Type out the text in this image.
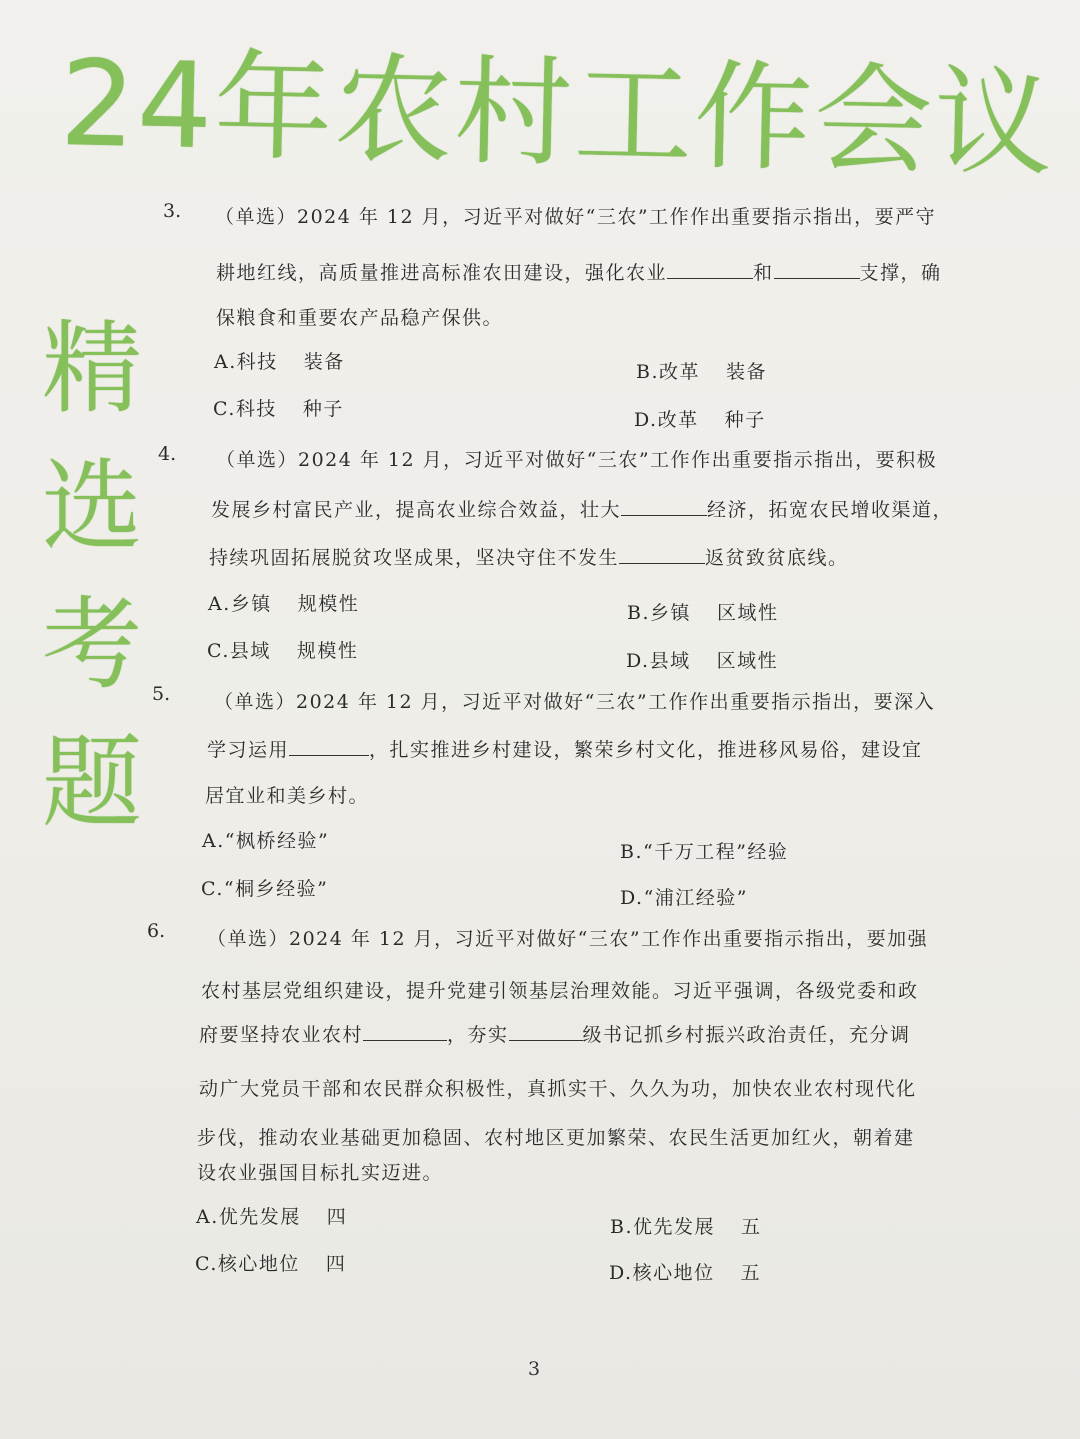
24年农村工作会议
精
选
考
题
3. （单选）2024 年 12 月，习近平对做好“三农”工作作出重要指示指出，要严守
耕地红线，高质量推进高标准农田建设，强化农业	和	支撑，确
保粮食和重要农产品稳产保供。
A.科技 装备	B.改革 装备
C.科技 种子	D.改革 种子
4. （单选）2024 年 12 月，习近平对做好“三农”工作作出重要指示指出，要积极
发展乡村富民产业，提高农业综合效益，壮大	经济，拓宽农民增收渠道，
持续巩固拓展脱贫攻坚成果，坚决守住不发生	返贫致贫底线。
A.乡镇 规模性	B.乡镇 区域性
C.县域 规模性	D.县域 区域性
5. （单选）2024 年 12 月，习近平对做好“三农”工作作出重要指示指出，要深入
学习运用	，扎实推进乡村建设，繁荣乡村文化，推进移风易俗，建设宜
居宜业和美乡村。
A.“枫桥经验”	B.“千万工程”经验
C.“桐乡经验”	D.“浦江经验”
6. （单选）2024 年 12 月，习近平对做好“三农”工作作出重要指示指出，要加强
农村基层党组织建设，提升党建引领基层治理效能。习近平强调，各级党委和政
府要坚持农业农村	，夯实	级书记抓乡村振兴政治责任，充分调
动广大党员干部和农民群众积极性，真抓实干、久久为功，加快农业农村现代化
步伐，推动农业基础更加稳固、农村地区更加繁荣、农民生活更加红火，朝着建
设农业强国目标扎实迈进。
A.优先发展 四	B.优先发展 五
C.核心地位 四	D.核心地位 五
3
